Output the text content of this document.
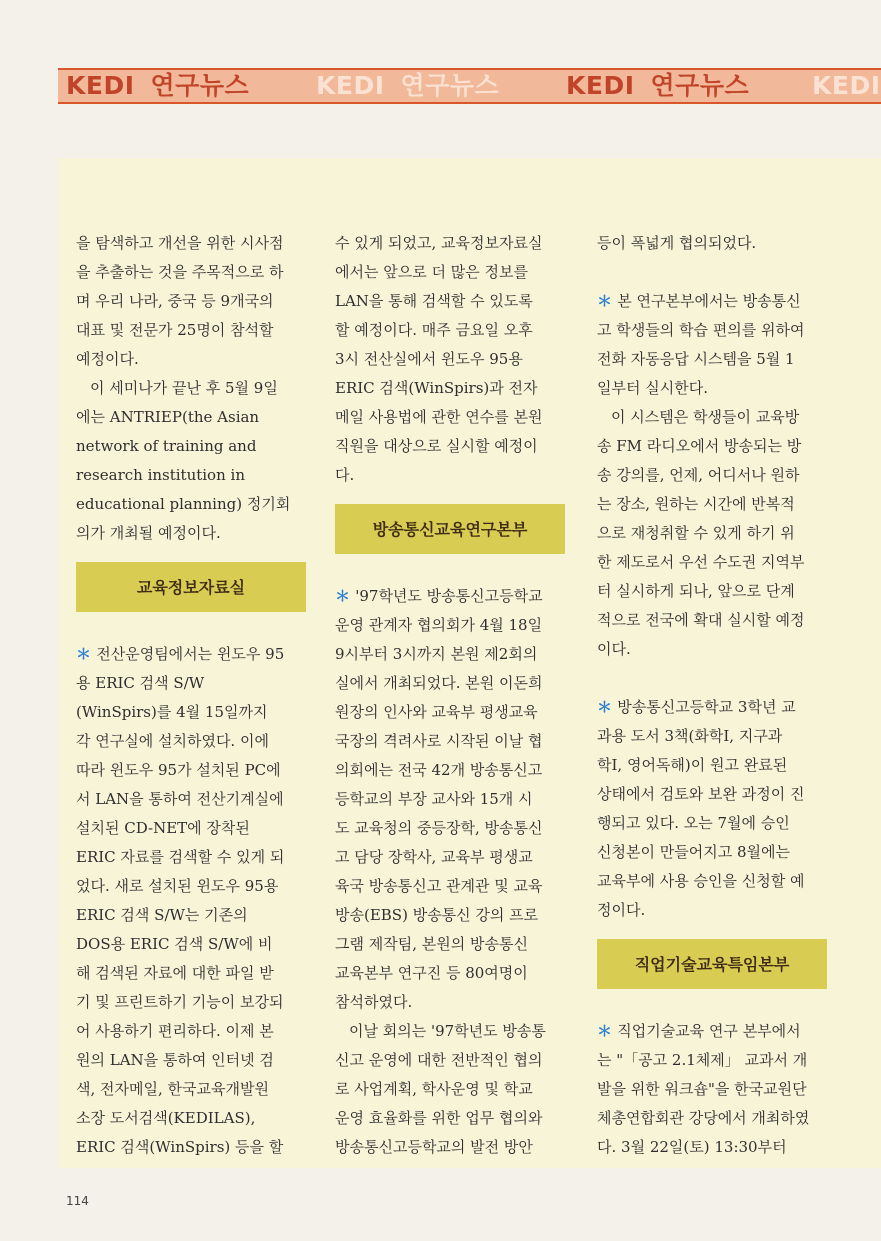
KEDI 연구뉴스	KEDI 연구뉴스	KEDI 연구뉴스	KEDI
을 탐색하고 개선을 위한 시사점
을 추출하는 것을 주목적으로 하
며 우리 나라, 중국 등 9개국의
대표 및 전문가 25명이 참석할
예정이다.
이 세미나가 끝난 후 5월 9일
에는 ANTRIEP(the Asian
network of training and
research institution in
educational planning) 정기회
의가 개최될 예정이다.
교육정보자료실
＊ 전산운영팀에서는 윈도우 95
용 ERIC 검색 S/W
(WinSpirs)를 4월 15일까지
각 연구실에 설치하였다. 이에
따라 윈도우 95가 설치된 PC에
서 LAN을 통하여 전산기계실에
설치된 CD-NET에 장착된
ERIC 자료를 검색할 수 있게 되
었다. 새로 설치된 윈도우 95용
ERIC 검색 S/W는 기존의
DOS용 ERIC 검색 S/W에 비
해 검색된 자료에 대한 파일 받
기 및 프린트하기 기능이 보강되
어 사용하기 편리하다. 이제 본
원의 LAN을 통하여 인터넷 검
색, 전자메일, 한국교육개발원
소장 도서검색(KEDILAS),
ERIC 검색(WinSpirs) 등을 할
수 있게 되었고, 교육정보자료실
에서는 앞으로 더 많은 정보를
LAN을 통해 검색할 수 있도록
할 예정이다. 매주 금요일 오후
3시 전산실에서 윈도우 95용
ERIC 검색(WinSpirs)과 전자
메일 사용법에 관한 연수를 본원
직원을 대상으로 실시할 예정이
다.
방송통신교육연구본부
＊ '97학년도 방송통신고등학교
운영 관계자 협의회가 4월 18일
9시부터 3시까지 본원 제2회의
실에서 개최되었다. 본원 이돈희
원장의 인사와 교육부 평생교육
국장의 격려사로 시작된 이날 협
의회에는 전국 42개 방송통신고
등학교의 부장 교사와 15개 시
도 교육청의 중등장학, 방송통신
고 담당 장학사, 교육부 평생교
육국 방송통신고 관계관 및 교육
방송(EBS) 방송통신 강의 프로
그램 제작팀, 본원의 방송통신
교육본부 연구진 등 80여명이
참석하였다.
이날 회의는 '97학년도 방송통
신고 운영에 대한 전반적인 협의
로 사업계획, 학사운영 및 학교
운영 효율화를 위한 업무 협의와
방송통신고등학교의 발전 방안
등이 폭넓게 협의되었다.
＊ 본 연구본부에서는 방송통신
고 학생들의 학습 편의를 위하여
전화 자동응답 시스템을 5월 1
일부터 실시한다.
이 시스템은 학생들이 교육방
송 FM 라디오에서 방송되는 방
송 강의를, 언제, 어디서나 원하
는 장소, 원하는 시간에 반복적
으로 재청취할 수 있게 하기 위
한 제도로서 우선 수도권 지역부
터 실시하게 되나, 앞으로 단계
적으로 전국에 확대 실시할 예정
이다.
＊ 방송통신고등학교 3학년 교
과용 도서 3책(화학Ⅰ, 지구과
학Ⅰ, 영어독해)이 원고 완료된
상태에서 검토와 보완 과정이 진
행되고 있다. 오는 7월에 승인
신청본이 만들어지고 8월에는
교육부에 사용 승인을 신청할 예
정이다.
직업기술교육특임본부
＊ 직업기술교육 연구 본부에서
는 "「공고 2.1체제」 교과서 개
발을 위한 워크숍"을 한국교원단
체총연합회관 강당에서 개최하였
다. 3월 22일(토) 13:30부터
114
